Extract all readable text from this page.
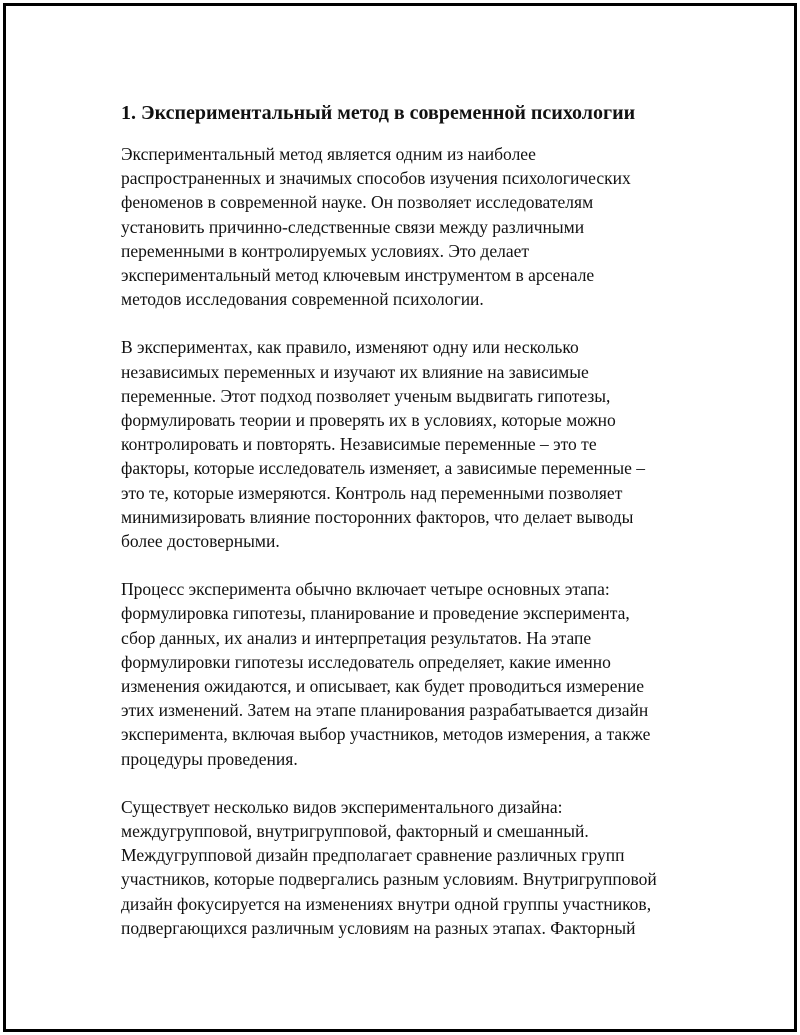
1. Экспериментальный метод в современной психологии
Экспериментальный метод является одним из наиболее
распространенных и значимых способов изучения психологических
феноменов в современной науке. Он позволяет исследователям
установить причинно-следственные связи между различными
переменными в контролируемых условиях. Это делает
экспериментальный метод ключевым инструментом в арсенале
методов исследования современной психологии.
В экспериментах, как правило, изменяют одну или несколько
независимых переменных и изучают их влияние на зависимые
переменные. Этот подход позволяет ученым выдвигать гипотезы,
формулировать теории и проверять их в условиях, которые можно
контролировать и повторять. Независимые переменные – это те
факторы, которые исследователь изменяет, а зависимые переменные –
это те, которые измеряются. Контроль над переменными позволяет
минимизировать влияние посторонних факторов, что делает выводы
более достоверными.
Процесс эксперимента обычно включает четыре основных этапа:
формулировка гипотезы, планирование и проведение эксперимента,
сбор данных, их анализ и интерпретация результатов. На этапе
формулировки гипотезы исследователь определяет, какие именно
изменения ожидаются, и описывает, как будет проводиться измерение
этих изменений. Затем на этапе планирования разрабатывается дизайн
эксперимента, включая выбор участников, методов измерения, а также
процедуры проведения.
Существует несколько видов экспериментального дизайна:
междугрупповой, внутригрупповой, факторный и смешанный.
Междугрупповой дизайн предполагает сравнение различных групп
участников, которые подвергались разным условиям. Внутригрупповой
дизайн фокусируется на изменениях внутри одной группы участников,
подвергающихся различным условиям на разных этапах. Факторный
